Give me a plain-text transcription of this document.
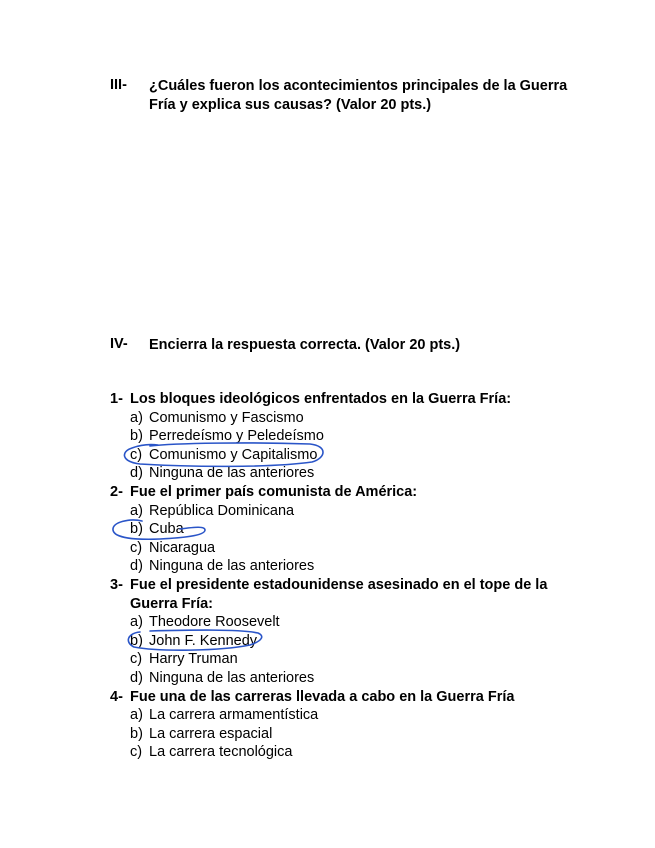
III- ¿Cuáles fueron los acontecimientos principales de la Guerra Fría y explica sus causas? (Valor 20 pts.)
IV- Encierra la respuesta correcta. (Valor 20 pts.)
1- Los bloques ideológicos enfrentados en la Guerra Fría:
a) Comunismo y Fascismo
b) Perredeísmo y Peledeísmo
c) Comunismo y Capitalismo
d) Ninguna de las anteriores
2- Fue el primer país comunista de América:
a) República Dominicana
b) Cuba
c) Nicaragua
d) Ninguna de las anteriores
3- Fue el presidente estadounidense asesinado en el tope de la
Guerra Fría:
a) Theodore Roosevelt
b) John F. Kennedy
c) Harry Truman
d) Ninguna de las anteriores
4- Fue una de las carreras llevada a cabo en la Guerra Fría
a) La carrera armamentística
b) La carrera espacial
c) La carrera tecnológica
